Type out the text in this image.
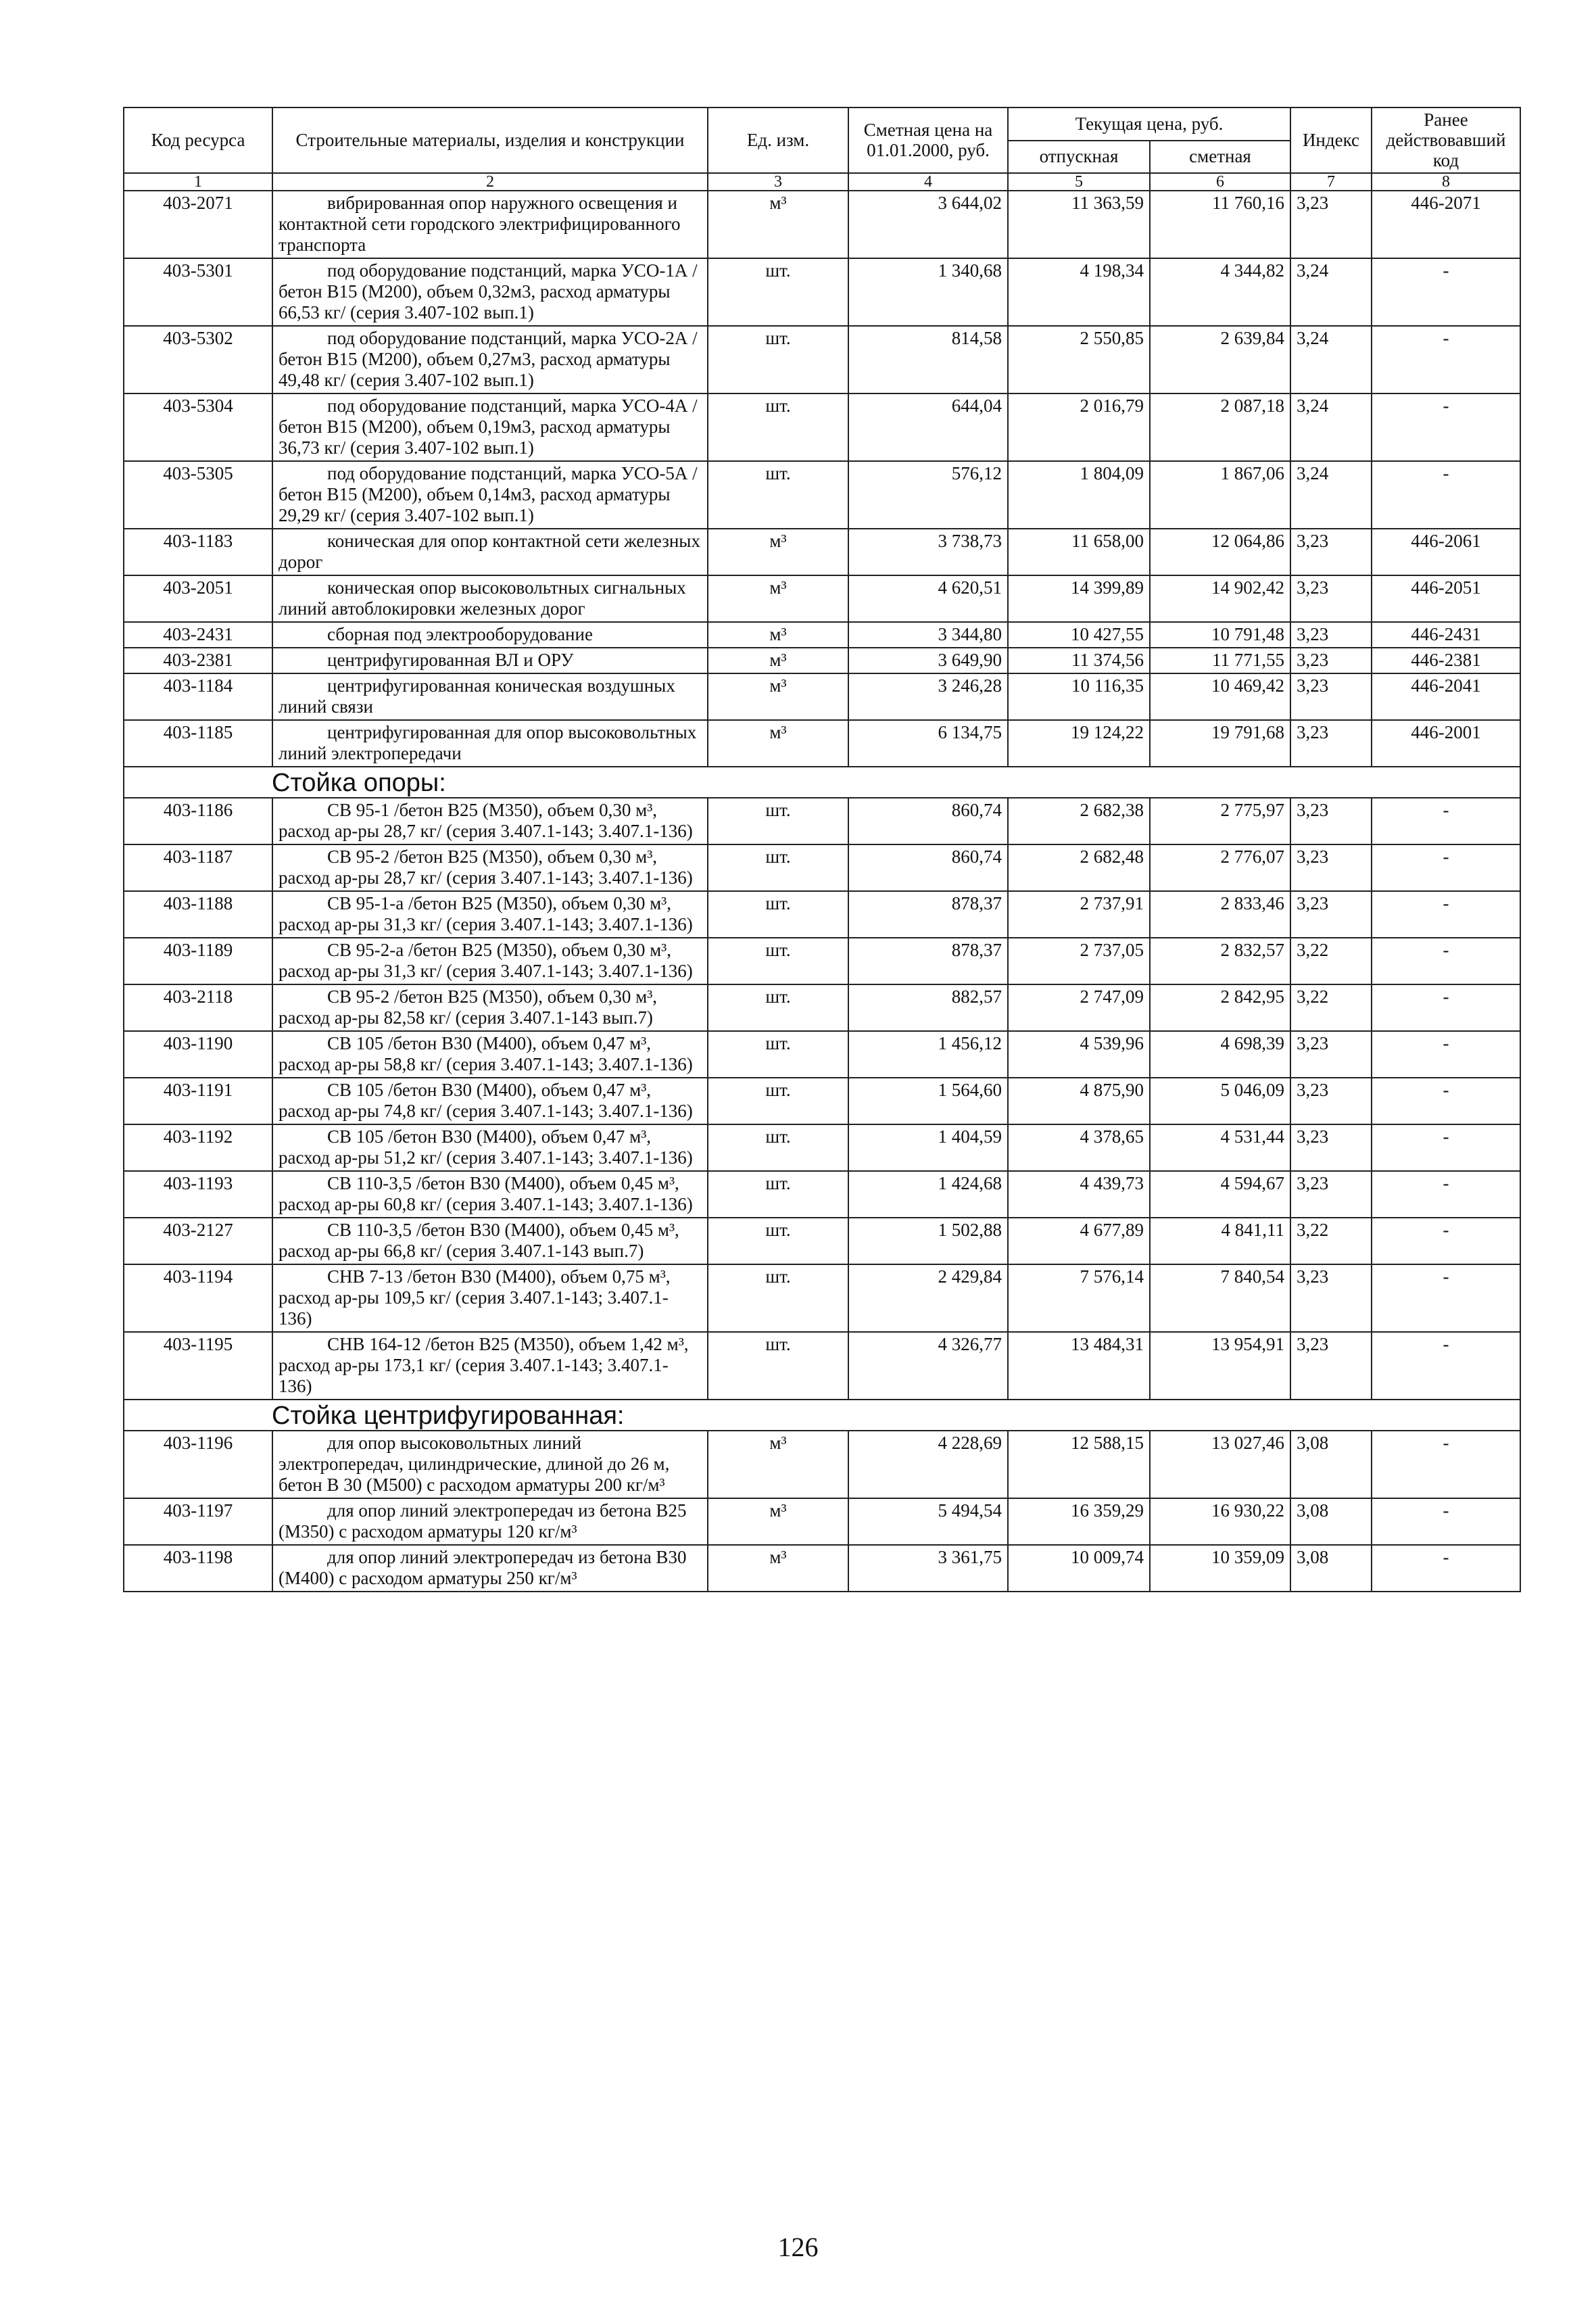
Код ресурса	Строительные материалы, изделия и конструкции	Ед. изм.	Сметная цена на 01.01.2000, руб.	Текущая цена, руб.		Индекс	Ранее действовавший код
				отпускная	сметная		
1	2	3	4	5	6	7	8
403-2071	вибрированная опор наружного освещения и контактной сети городского электрифицированного транспорта	м³	3 644,02	11 363,59	11 760,16	3,23	446-2071
403-5301	под оборудование подстанций, марка УСО-1А /бетон В15 (М200), объем 0,32м3, расход арматуры 66,53 кг/ (серия 3.407-102 вып.1)	шт.	1 340,68	4 198,34	4 344,82	3,24	-
403-5302	под оборудование подстанций, марка УСО-2А /бетон В15 (М200), объем 0,27м3, расход арматуры 49,48 кг/ (серия 3.407-102 вып.1)	шт.	814,58	2 550,85	2 639,84	3,24	-
403-5304	под оборудование подстанций, марка УСО-4А /бетон В15 (М200), объем 0,19м3, расход арматуры 36,73 кг/ (серия 3.407-102 вып.1)	шт.	644,04	2 016,79	2 087,18	3,24	-
403-5305	под оборудование подстанций, марка УСО-5А /бетон В15 (М200), объем 0,14м3, расход арматуры 29,29 кг/ (серия 3.407-102 вып.1)	шт.	576,12	1 804,09	1 867,06	3,24	-
403-1183	коническая для опор контактной сети железных дорог	м³	3 738,73	11 658,00	12 064,86	3,23	446-2061
403-2051	коническая опор высоковольтных сигнальных линий автоблокировки железных дорог	м³	4 620,51	14 399,89	14 902,42	3,23	446-2051
403-2431	сборная под электрооборудование	м³	3 344,80	10 427,55	10 791,48	3,23	446-2431
403-2381	центрифугированная ВЛ и ОРУ	м³	3 649,90	11 374,56	11 771,55	3,23	446-2381
403-1184	центрифугированная коническая воздушных линий связи	м³	3 246,28	10 116,35	10 469,42	3,23	446-2041
403-1185	центрифугированная для опор высоковольтных линий электропередачи	м³	6 134,75	19 124,22	19 791,68	3,23	446-2001
Стойка опоры:							
403-1186	СВ 95-1 /бетон В25 (М350), объем 0,30 м³, расход ар-ры 28,7 кг/ (серия 3.407.1-143; 3.407.1-136)	шт.	860,74	2 682,38	2 775,97	3,23	-
403-1187	СВ 95-2 /бетон В25 (М350), объем 0,30 м³, расход ар-ры 28,7 кг/ (серия 3.407.1-143; 3.407.1-136)	шт.	860,74	2 682,48	2 776,07	3,23	-
403-1188	СВ 95-1-а /бетон В25 (М350), объем 0,30 м³, расход ар-ры 31,3 кг/ (серия 3.407.1-143; 3.407.1-136)	шт.	878,37	2 737,91	2 833,46	3,23	-
403-1189	СВ 95-2-а /бетон В25 (М350), объем 0,30 м³, расход ар-ры 31,3 кг/ (серия 3.407.1-143; 3.407.1-136)	шт.	878,37	2 737,05	2 832,57	3,22	-
403-2118	СВ 95-2 /бетон В25 (М350), объем 0,30 м³, расход ар-ры 82,58 кг/ (серия 3.407.1-143 вып.7)	шт.	882,57	2 747,09	2 842,95	3,22	-
403-1190	СВ 105 /бетон В30 (М400), объем 0,47 м³, расход ар-ры 58,8 кг/ (серия 3.407.1-143; 3.407.1-136)	шт.	1 456,12	4 539,96	4 698,39	3,23	-
403-1191	СВ 105 /бетон В30 (М400), объем 0,47 м³, расход ар-ры 74,8 кг/ (серия 3.407.1-143; 3.407.1-136)	шт.	1 564,60	4 875,90	5 046,09	3,23	-
403-1192	СВ 105 /бетон В30 (М400), объем 0,47 м³, расход ар-ры 51,2 кг/ (серия 3.407.1-143; 3.407.1-136)	шт.	1 404,59	4 378,65	4 531,44	3,23	-
403-1193	СВ 110-3,5 /бетон В30 (М400), объем 0,45 м³, расход ар-ры 60,8 кг/ (серия 3.407.1-143; 3.407.1-136)	шт.	1 424,68	4 439,73	4 594,67	3,23	-
403-2127	СВ 110-3,5 /бетон В30 (М400), объем 0,45 м³, расход ар-ры 66,8 кг/ (серия 3.407.1-143 вып.7)	шт.	1 502,88	4 677,89	4 841,11	3,22	-
403-1194	СНВ 7-13 /бетон В30 (М400), объем 0,75 м³, расход ар-ры 109,5 кг/ (серия 3.407.1-143; 3.407.1-136)	шт.	2 429,84	7 576,14	7 840,54	3,23	-
403-1195	СНВ 164-12 /бетон В25 (М350), объем 1,42 м³, расход ар-ры 173,1 кг/ (серия 3.407.1-143; 3.407.1-136)	шт.	4 326,77	13 484,31	13 954,91	3,23	-
Стойка центрифугированная:							
403-1196	для опор высоковольтных линий электропередач, цилиндрические, длиной до 26 м, бетон В 30 (М500) с расходом арматуры 200 кг/м³	м³	4 228,69	12 588,15	13 027,46	3,08	-
403-1197	для опор линий электропередач из бетона В25 (М350) с расходом арматуры 120 кг/м³	м³	5 494,54	16 359,29	16 930,22	3,08	-
403-1198	для опор линий электропередач из бетона В30 (М400) с расходом арматуры 250 кг/м³	м³	3 361,75	10 009,74	10 359,09	3,08	-
126
